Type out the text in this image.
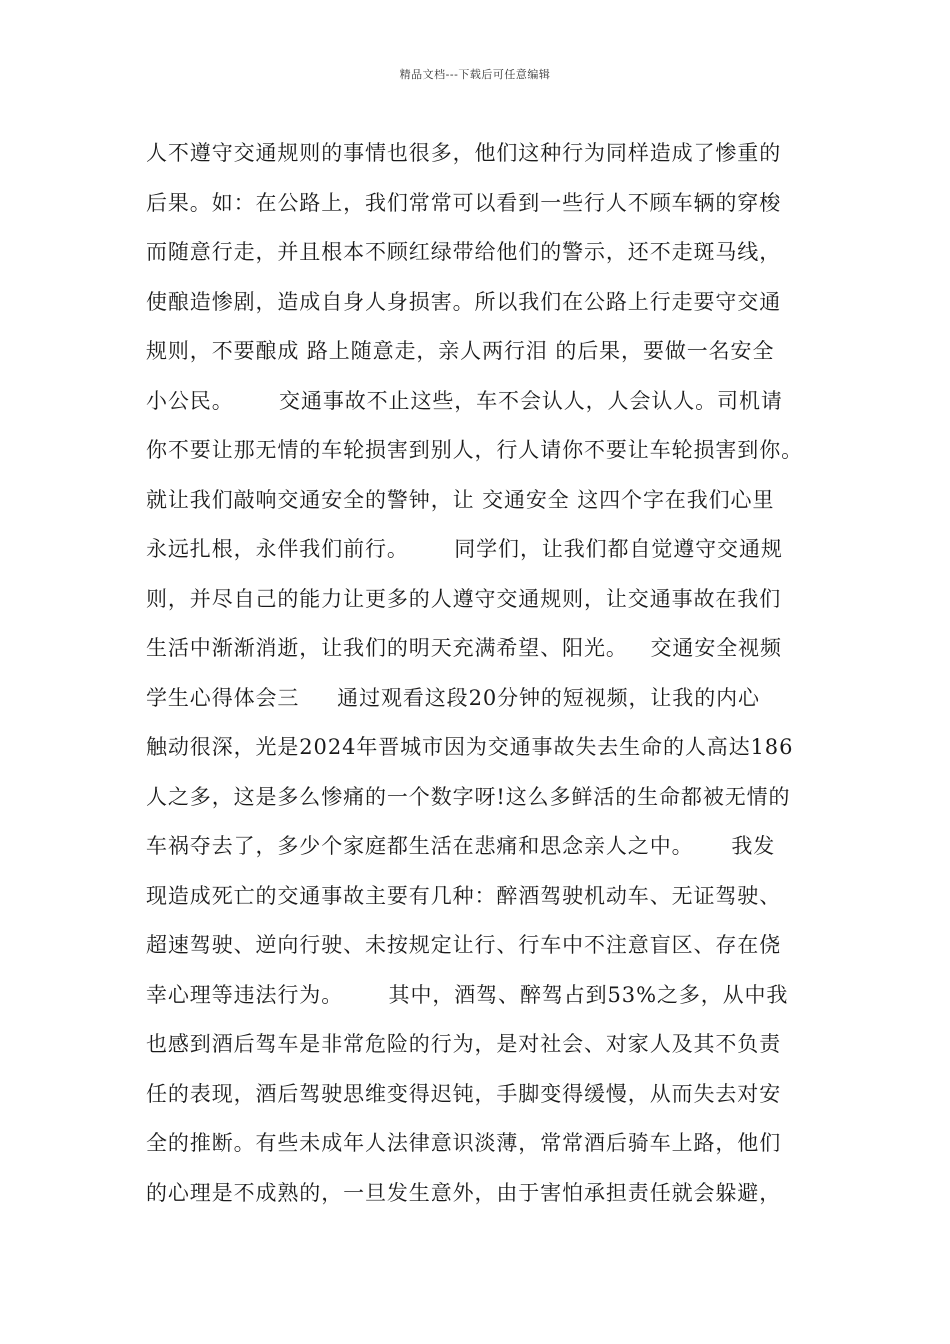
精品文档---下载后可任意编辑
人不遵守交通规则的事情也很多，他们这种行为同样造成了惨重的
后果。如：在公路上，我们常常可以看到一些行人不顾车辆的穿梭
而随意行走，并且根本不顾红绿带给他们的警示，还不走斑马线，
使酿造惨剧，造成自身人身损害。所以我们在公路上行走要守交通
规则，不要酿成 路上随意走，亲人两行泪 的后果，要做一名安全
小公民。      交通事故不止这些，车不会认人，人会认人。司机请
你不要让那无情的车轮损害到别人，行人请你不要让车轮损害到你。
就让我们敲响交通安全的警钟，让 交通安全 这四个字在我们心里
永远扎根，永伴我们前行。      同学们，让我们都自觉遵守交通规
则，并尽自己的能力让更多的人遵守交通规则，让交通事故在我们
生活中渐渐消逝，让我们的明天充满希望、阳光。   交通安全视频
学生心得体会三     通过观看这段20分钟的短视频，让我的内心
触动很深，光是2024年晋城市因为交通事故失去生命的人高达186
人之多，这是多么惨痛的一个数字呀!这么多鲜活的生命都被无情的
车祸夺去了，多少个家庭都生活在悲痛和思念亲人之中。     我发
现造成死亡的交通事故主要有几种：醉酒驾驶机动车、无证驾驶、
超速驾驶、逆向行驶、未按规定让行、行车中不注意盲区、存在侥
幸心理等违法行为。      其中，酒驾、醉驾占到53%之多，从中我
也感到酒后驾车是非常危险的行为，是对社会、对家人及其不负责
任的表现，酒后驾驶思维变得迟钝，手脚变得缓慢，从而失去对安
全的推断。有些未成年人法律意识淡薄，常常酒后骑车上路，他们
的心理是不成熟的，一旦发生意外，由于害怕承担责任就会躲避，
